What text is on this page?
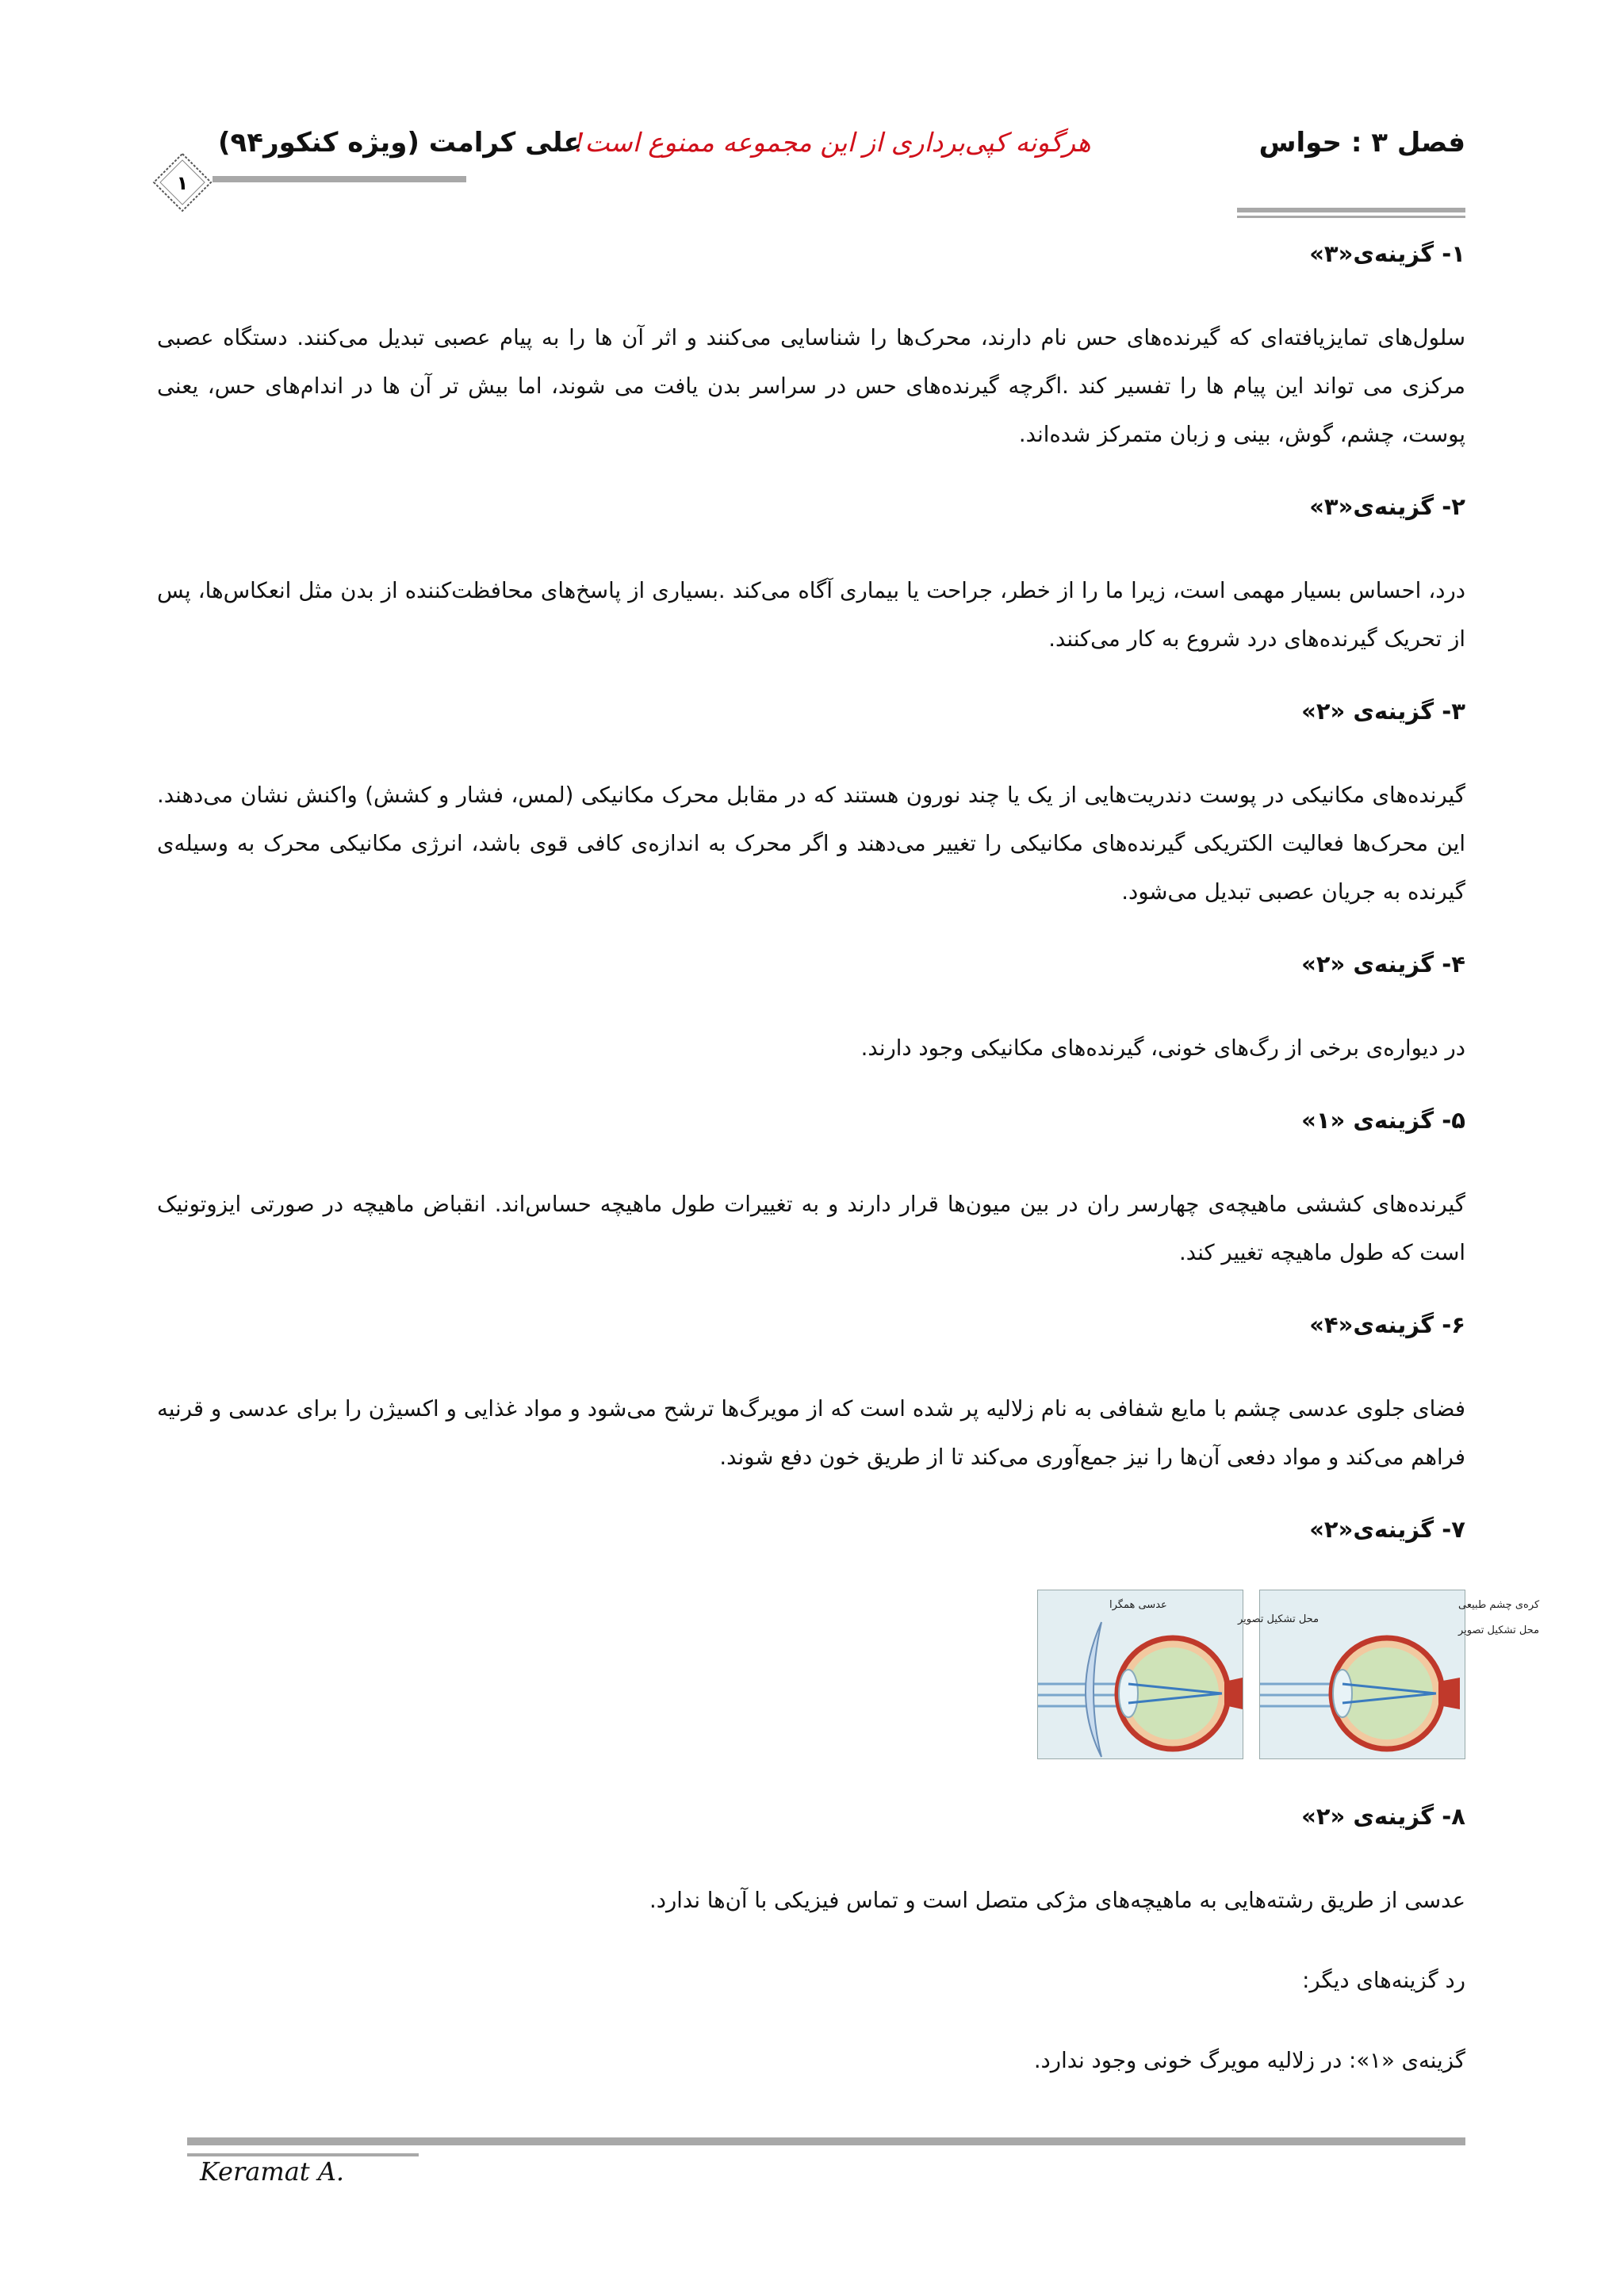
فصل ۳ : حواس
هرگونه کپی‌برداری از این مجموعه ممنوع است!
علی کرامت (ویژه کنکور۹۴)
۱
۱- گزینه‌ی«۳»

سلول‌های تمایزیافته‌ای که گیرنده‌های حس نام دارند، محرک‌ها را شناسایی می‌کنند و اثر آن ها را به پیام عصبی تبدیل می‌کنند. دستگاه عصبی مرکزی می تواند این پیام ها را تفسیر کند .اگرچه گیرنده‌های حس در سراسر بدن یافت می شوند، اما بیش تر آن ها در اندام‌های حس، یعنی پوست، چشم، گوش، بینی و زبان متمرکز شده‌اند.

۲- گزینه‌ی«۳»

درد، احساس بسیار مهمی است، زیرا ما را از خطر، جراحت یا بیماری آگاه می‌کند .بسیاری از پاسخ‌های محافظت‌کننده از بدن مثل انعکاس‌ها، پس از تحریک گیرنده‌های درد شروع به کار می‌کنند.

۳- گزینه‌ی «۲»

گیرنده‌های مکانیکی در پوست دندریت‌هایی از یک یا چند نورون هستند که در مقابل محرک مکانیکی (لمس، فشار و کشش) واکنش نشان می‌دهند. این محرک‌ها فعالیت الکتریکی گیرنده‌های مکانیکی را تغییر می‌دهند و اگر محرک به اندازه‌ی کافی قوی باشد، انرژی مکانیکی محرک به وسیله‌ی گیرنده به جریان عصبی تبدیل می‌شود.

۴- گزینه‌ی «۲»

در دیواره‌ی برخی از رگ‌های خونی، گیرنده‌های مکانیکی وجود دارند.

۵- گزینه‌ی «۱»

گیرنده‌های کششی ماهیچه‌ی چهارسر ران در بین میون‌ها قرار دارند و به تغییرات طول ماهیچه حساس‌اند. انقباض ماهیچه در صورتی ایزوتونیک است که طول ماهیچه تغییر کند.

۶- گزینه‌ی«۴»

فضای جلوی عدسی چشم با مایع شفافی به نام زلالیه پر شده است که از مویرگ‌ها ترشح می‌شود و مواد غذایی و اکسیژن را برای عدسی و قرنیه فراهم می‌کند و مواد دفعی آن‌ها را نیز جمع‌آوری می‌کند تا از طریق خون دفع شوند.

۷- گزینه‌ی«۲»
کره‌ی چشم طبیعی
محل تشکیل تصویر
عدسی همگرا
محل تشکیل تصویر
۸- گزینه‌ی «۲»

عدسی از طریق رشته‌هایی به ماهیچه‌های مژکی متصل است و تماس فیزیکی با آن‌ها ندارد.

رد گزینه‌های دیگر:

گزینه‌ی «۱»: در زلالیه مویرگ خونی وجود ندارد.

Keramat A.
